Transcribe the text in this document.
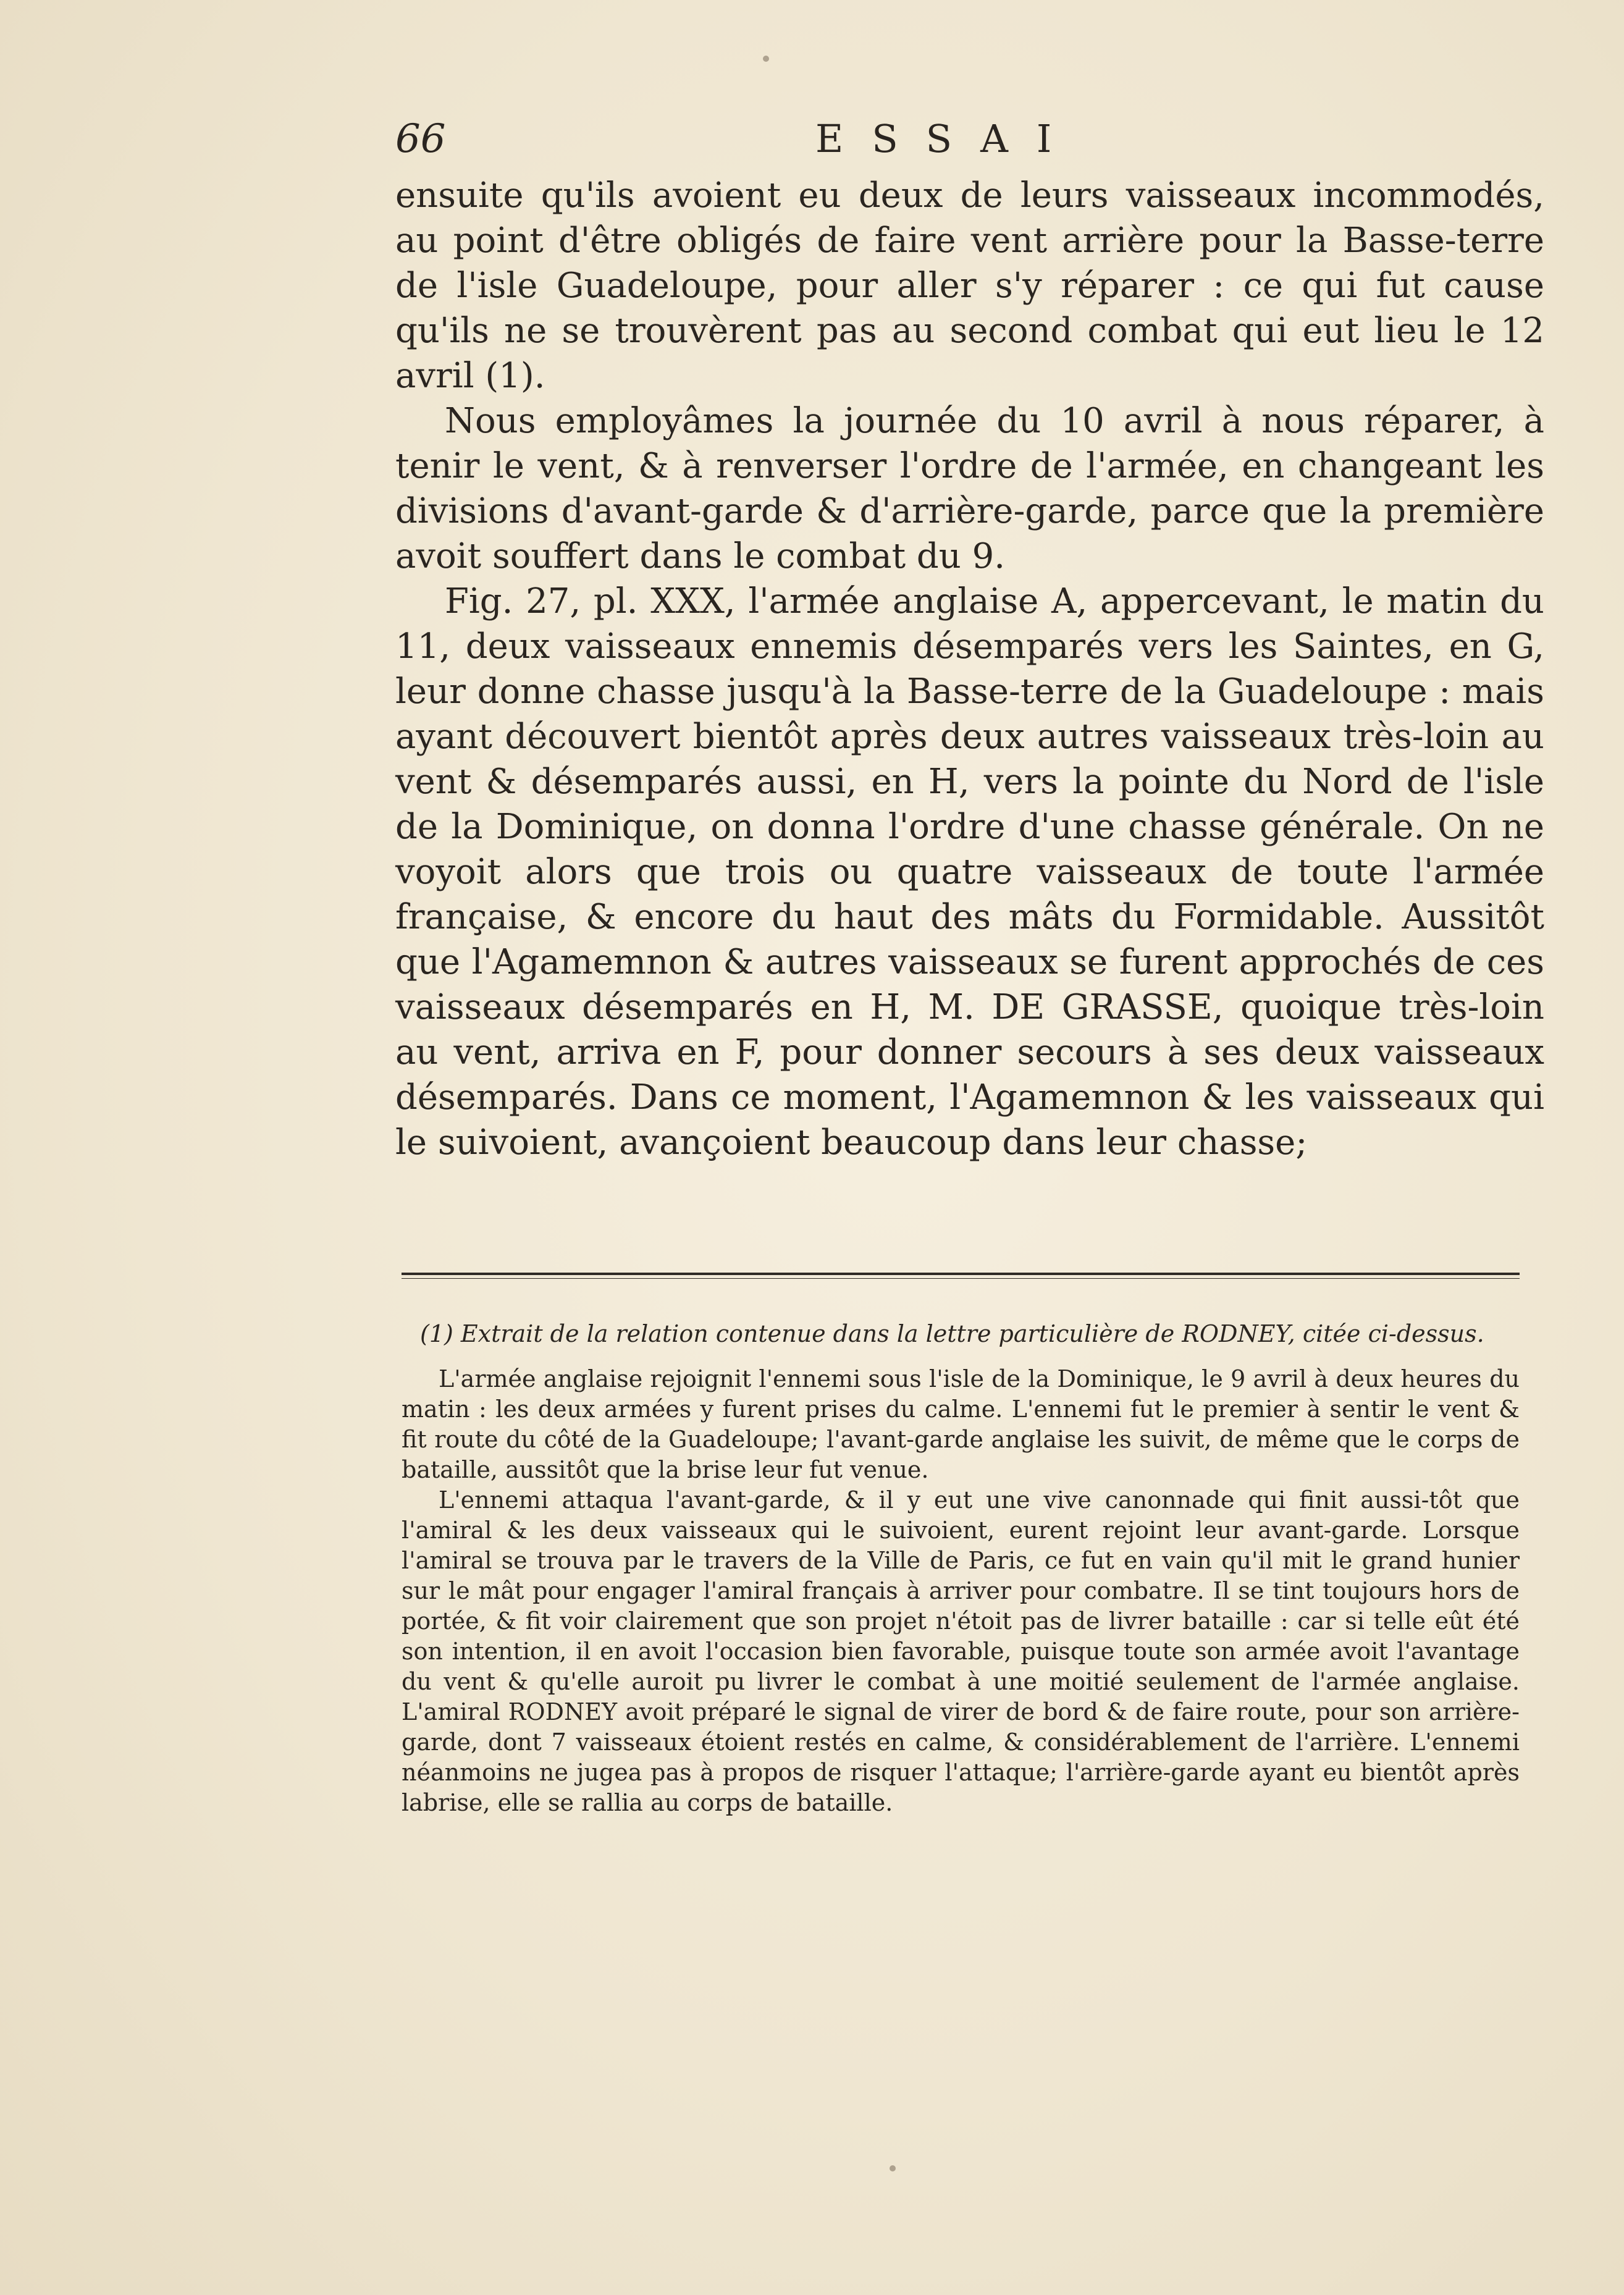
66	ESSAI

ensuite qu'ils avoient eu deux de leurs vaisseaux incommodés, au point d'être obligés de faire vent arrière pour la Basse-terre de l'isle Guadeloupe, pour aller s'y réparer : ce qui fut cause qu'ils ne se trouvèrent pas au second combat qui eut lieu le 12 avril (1).

Nous employâmes la journée du 10 avril à nous réparer, à tenir le vent, & à renverser l'ordre de l'armée, en changeant les divisions d'avant-garde & d'arrière-garde, parce que la première avoit souffert dans le combat du 9.

Fig. 27, pl. XXX, l'armée anglaise A, appercevant, le matin du 11, deux vaisseaux ennemis désemparés vers les Saintes, en G, leur donne chasse jusqu'à la Basse-terre de la Guadeloupe : mais ayant découvert bientôt après deux autres vaisseaux très-loin au vent & désemparés aussi, en H, vers la pointe du Nord de l'isle de la Dominique, on donna l'ordre d'une chasse générale. On ne voyoit alors que trois ou quatre vaisseaux de toute l'armée française, & encore du haut des mâts du Formidable. Aussitôt que l'Agamemnon & autres vaisseaux se furent approchés de ces vaisseaux désemparés en H, M. DE GRASSE, quoique très-loin au vent, arriva en F, pour donner secours à ses deux vaisseaux désemparés. Dans ce moment, l'Agamemnon & les vaisseaux qui le suivoient, avançoient beaucoup dans leur chasse;

(1) Extrait de la relation contenue dans la lettre particulière de RODNEY, citée ci-dessus.

L'armée anglaise rejoignit l'ennemi sous l'isle de la Dominique, le 9 avril à deux heures du matin : les deux armées y furent prises du calme. L'ennemi fut le premier à sentir le vent & fit route du côté de la Guadeloupe; l'avant-garde anglaise les suivit, de même que le corps de bataille, aussitôt que la brise leur fut venue.

L'ennemi attaqua l'avant-garde, & il y eut une vive canonnade qui finit aussi-tôt que l'amiral & les deux vaisseaux qui le suivoient, eurent rejoint leur avant-garde. Lorsque l'amiral se trouva par le travers de la Ville de Paris, ce fut en vain qu'il mit le grand hunier sur le mât pour engager l'amiral français à arriver pour combatre. Il se tint toujours hors de portée, & fit voir clairement que son projet n'étoit pas de livrer bataille : car si telle eût été son intention, il en avoit l'occasion bien favorable, puisque toute son armée avoit l'avantage du vent & qu'elle auroit pu livrer le combat à une moitié seulement de l'armée anglaise. L'amiral RODNEY avoit préparé le signal de virer de bord & de faire route, pour son arrière-garde, dont 7 vaisseaux étoient restés en calme, & considérablement de l'arrière. L'ennemi néanmoins ne jugea pas à propos de risquer l'attaque; l'arrière-garde ayant eu bientôt après labrise, elle se rallia au corps de bataille.
